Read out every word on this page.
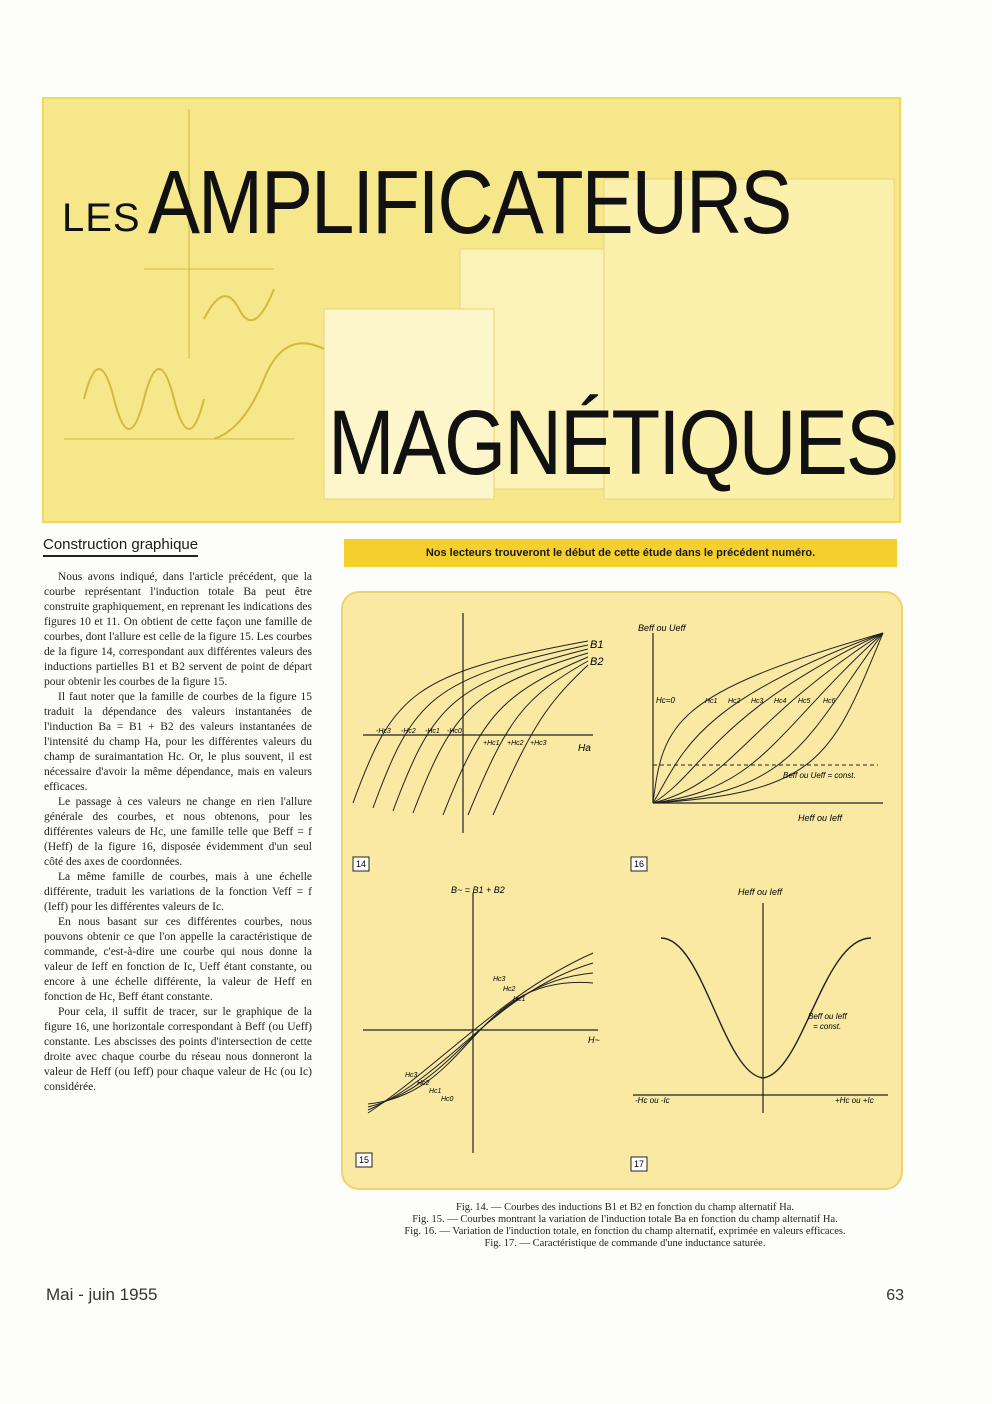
LES AMPLIFICATEURS
MAGNÉTIQUES
Construction graphique

Nous avons indiqué, dans l'article précédent, que la courbe représentant l'induction totale Ba peut être construite graphiquement, en reprenant les indications des figures 10 et 11. On obtient de cette façon une famille de courbes, dont l'allure est celle de la figure 15. Les courbes de la figure 14, correspondant aux différentes valeurs des inductions partielles B1 et B2 servent de point de départ pour obtenir les courbes de la figure 15.

Il faut noter que la famille de courbes de la figure 15 traduit la dépendance des valeurs instantanées de l'induction Ba = B1 + B2 des valeurs instantanées de l'intensité du champ Ha, pour les différentes valeurs du champ de suraimantation Hc. Or, le plus souvent, il est nécessaire d'avoir la même dépendance, mais en valeurs efficaces.

Le passage à ces valeurs ne change en rien l'allure générale des courbes, et nous obtenons, pour les différentes valeurs de Hc, une famille telle que Beff = f (Heff) de la figure 16, disposée évidemment d'un seul côté des axes de coordonnées.

La même famille de courbes, mais à une échelle différente, traduit les variations de la fonction Veff = f (Ieff) pour les différentes valeurs de Ic.

En nous basant sur ces différentes courbes, nous pouvons obtenir ce que l'on appelle la caractéristique de commande, c'est-à-dire une courbe qui nous donne la valeur de Ieff en fonction de Ic, Ueff étant constante, ou encore à une échelle différente, la valeur de Heff en fonction de Hc, Beff étant constante.

Pour cela, il suffit de tracer, sur le graphique de la figure 16, une horizontale correspondant à Beff (ou Ueff) constante. Les abscisses des points d'intersection de cette droite avec chaque courbe du réseau nous donneront la valeur de Heff (ou Ieff) pour chaque valeur de Hc (ou Ic) considérée.

Nos lecteurs trouveront le début de cette étude dans le précédent numéro.
B1
B2
Ha
-Hc3 -Hc2 -Hc1 -Hc0
+Hc1 +Hc2 +Hc3
14
Beff ou Ueff
Heff ou Ieff
Beff ou Ueff = const.
Hc=0	Hc1 Hc2 Hc3 Hc4 Hc5 Hc6
16
B~ = B1 + B2
H~
Hc3
Hc2
Hc1
Hc3
Hc2
Hc1
Hc0
15
Heff ou Ieff
Beff ou Ieff
= const.
-Hc ou -Ic	+Hc ou +Ic
17
Fig. 14. — Courbes des inductions B1 et B2 en fonction du champ alternatif Ha.
Fig. 15. — Courbes montrant la variation de l'induction totale Ba en fonction du champ alternatif Ha.
Fig. 16. — Variation de l'induction totale, en fonction du champ alternatif, exprimée en valeurs efficaces.
Fig. 17. — Caractéristique de commande d'une inductance saturée.
Mai - juin 1955	63
